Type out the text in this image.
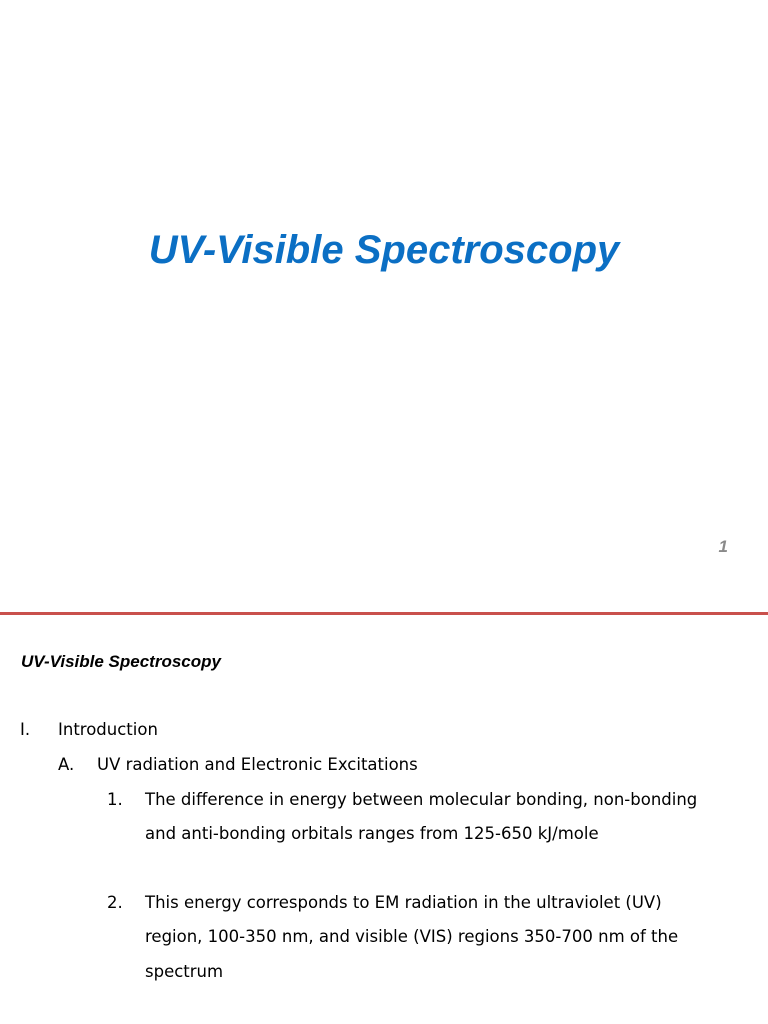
UV-Visible Spectroscopy
1
UV-Visible Spectroscopy
I. Introduction
A. UV radiation and Electronic Excitations
1. The difference in energy between molecular bonding, non-bonding
and anti-bonding orbitals ranges from 125-650 kJ/mole
2. This energy corresponds to EM radiation in the ultraviolet (UV)
region, 100-350 nm, and visible (VIS) regions 350-700 nm of the
spectrum
